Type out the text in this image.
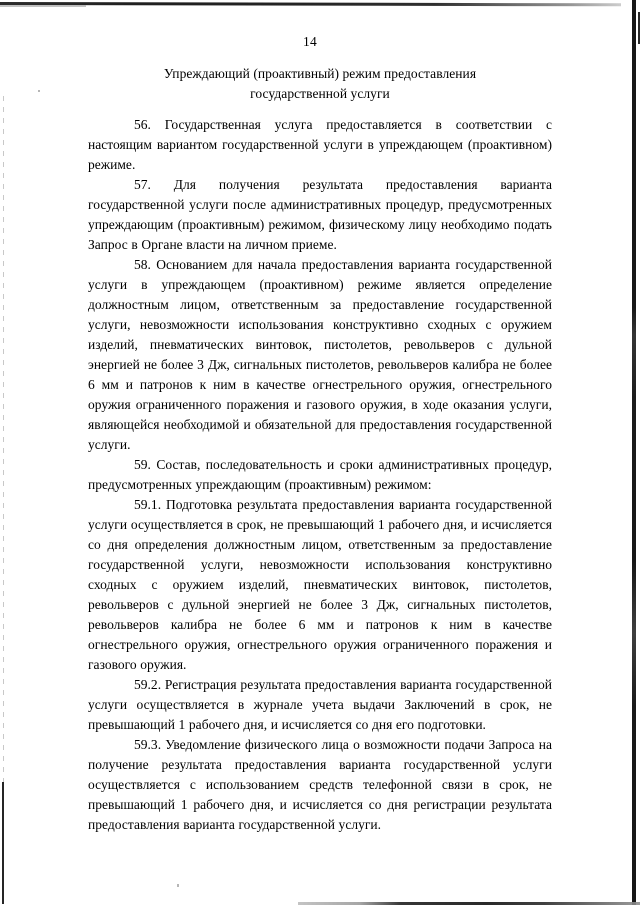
14
Упреждающий (проактивный) режим предоставления
государственной услуги

56. Государственная услуга предоставляется в соответствии с настоящим вариантом государственной услуги в упреждающем (проактивном) режиме.

57. Для получения результата предоставления варианта государственной услуги после административных процедур, предусмотренных упреждающим (проактивным) режимом, физическому лицу необходимо подать Запрос в Органе власти на личном приеме.

58. Основанием для начала предоставления варианта государственной услуги в упреждающем (проактивном) режиме является определение должностным лицом, ответственным за предоставление государственной услуги, невозможности использования конструктивно сходных с оружием изделий, пневматических винтовок, пистолетов, револьверов с дульной энергией не более 3 Дж, сигнальных пистолетов, револьверов калибра не более 6 мм и патронов к ним в качестве огнестрельного оружия, огнестрельного оружия ограниченного поражения и газового оружия, в ходе оказания услуги, являющейся необходимой и обязательной для предоставления государственной услуги.

59. Состав, последовательность и сроки административных процедур, предусмотренных упреждающим (проактивным) режимом:

59.1. Подготовка результата предоставления варианта государственной услуги осуществляется в срок, не превышающий 1 рабочего дня, и исчисляется со дня определения должностным лицом, ответственным за предоставление государственной услуги, невозможности использования конструктивно сходных с оружием изделий, пневматических винтовок, пистолетов, револьверов с дульной энергией не более 3 Дж, сигнальных пистолетов, револьверов калибра не более 6 мм и патронов к ним в качестве огнестрельного оружия, огнестрельного оружия ограниченного поражения и газового оружия.

59.2. Регистрация результата предоставления варианта государственной услуги осуществляется в журнале учета выдачи Заключений в срок, не превышающий 1 рабочего дня, и исчисляется со дня его подготовки.

59.3. Уведомление физического лица о возможности подачи Запроса на получение результата предоставления варианта государственной услуги осуществляется с использованием средств телефонной связи в срок, не превышающий 1 рабочего дня, и исчисляется со дня регистрации результата предоставления варианта государственной услуги.
